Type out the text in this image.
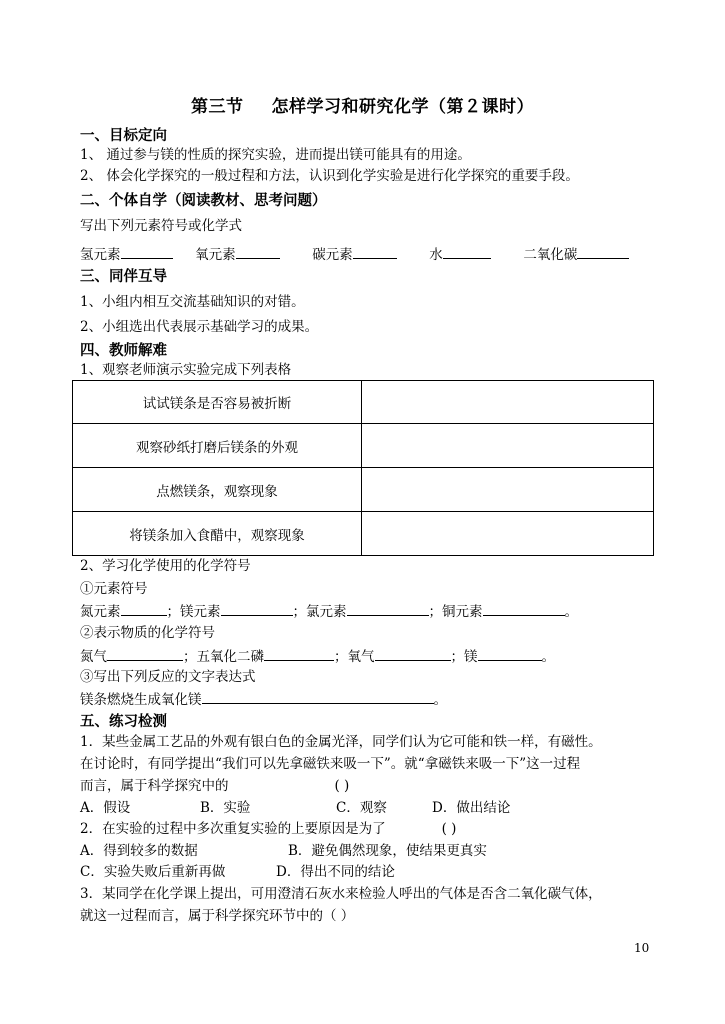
第三节 怎样学习和研究化学（第２课时）
一、目标定向
1、 通过参与镁的性质的探究实验，进而提出镁可能具有的用途。
2、 体会化学探究的一般过程和方法，认识到化学实验是进行化学探究的重要手段。
二、个体自学（阅读教材、思考问题）
写出下列元素符号或化学式
氢元素	氧元素	碳元素	水	二氧化碳
三、同伴互导
1、小组内相互交流基础知识的对错。
2、小组选出代表展示基础学习的成果。
四、教师解难
1、观察老师演示实验完成下列表格
试试镁条是否容易被折断	
观察砂纸打磨后镁条的外观	
点燃镁条，观察现象	
将镁条加入食醋中，观察现象	
2、学习化学使用的化学符号
①元素符号
氮元素	；镁元素	；氯元素	；铜元素	。
②表示物质的化学符号
氮气	；五氧化二磷	；氧气	；镁	。
③写出下列反应的文字表达式
镁条燃烧生成氧化镁	。
五、练习检测
1．某些金属工艺品的外观有银白色的金属光泽，同学们认为它可能和铁一样，有磁性。
在讨论时，有同学提出“我们可以先拿磁铁来吸一下”。就“拿磁铁来吸一下”这一过程
而言，属于科学探究中的	( )
A．假设	B．实验	C．观察	D．做出结论
2．在实验的过程中多次重复实验的上要原因是为了	( )
A．得到较多的数据	B．避免偶然现象，使结果更真实
C．实验失败后重新再做	D．得出不同的结论
3．某同学在化学课上提出，可用澄清石灰水来检验人呼出的气体是否含二氧化碳气体，
就这一过程而言，属于科学探究环节中的（ ）
10
